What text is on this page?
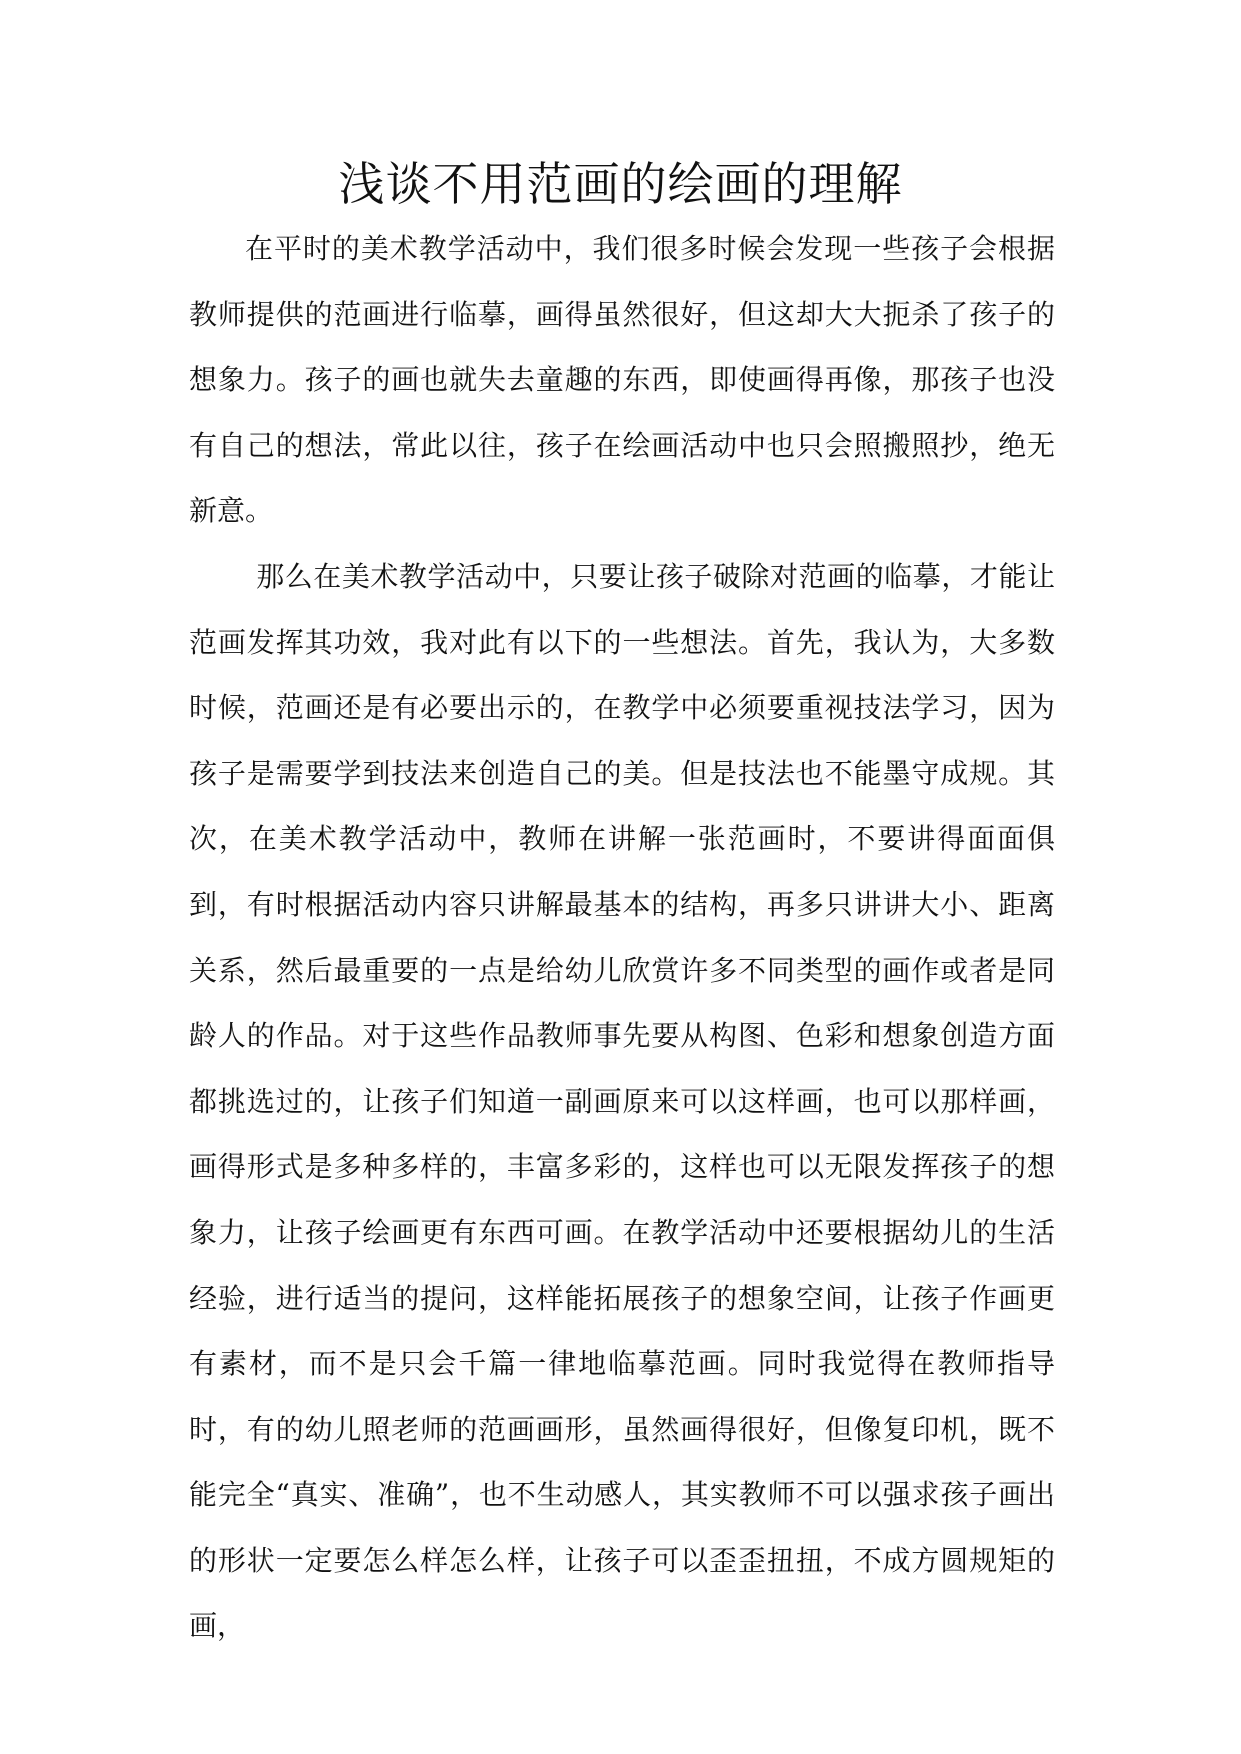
浅谈不用范画的绘画的理解

在平时的美术教学活动中，我们很多时候会发现一些孩子会根据教师提供的范画进行临摹，画得虽然很好，但这却大大扼杀了孩子的想象力。孩子的画也就失去童趣的东西，即使画得再像，那孩子也没有自己的想法，常此以往，孩子在绘画活动中也只会照搬照抄，绝无新意。

那么在美术教学活动中，只要让孩子破除对范画的临摹，才能让范画发挥其功效，我对此有以下的一些想法。首先，我认为，大多数时候，范画还是有必要出示的，在教学中必须要重视技法学习，因为孩子是需要学到技法来创造自己的美。但是技法也不能墨守成规。其次，在美术教学活动中，教师在讲解一张范画时，不要讲得面面俱到，有时根据活动内容只讲解最基本的结构，再多只讲讲大小、距离关系，然后最重要的一点是给幼儿欣赏许多不同类型的画作或者是同龄人的作品。对于这些作品教师事先要从构图、色彩和想象创造方面都挑选过的，让孩子们知道一副画原来可以这样画，也可以那样画，画得形式是多种多样的，丰富多彩的，这样也可以无限发挥孩子的想象力，让孩子绘画更有东西可画。在教学活动中还要根据幼儿的生活经验，进行适当的提问，这样能拓展孩子的想象空间，让孩子作画更有素材，而不是只会千篇一律地临摹范画。同时我觉得在教师指导时，有的幼儿照老师的范画画形，虽然画得很好，但像复印机，既不能完全“真实、准确”，也不生动感人，其实教师不可以强求孩子画出的形状一定要怎么样怎么样，让孩子可以歪歪扭扭，不成方圆规矩的画，
